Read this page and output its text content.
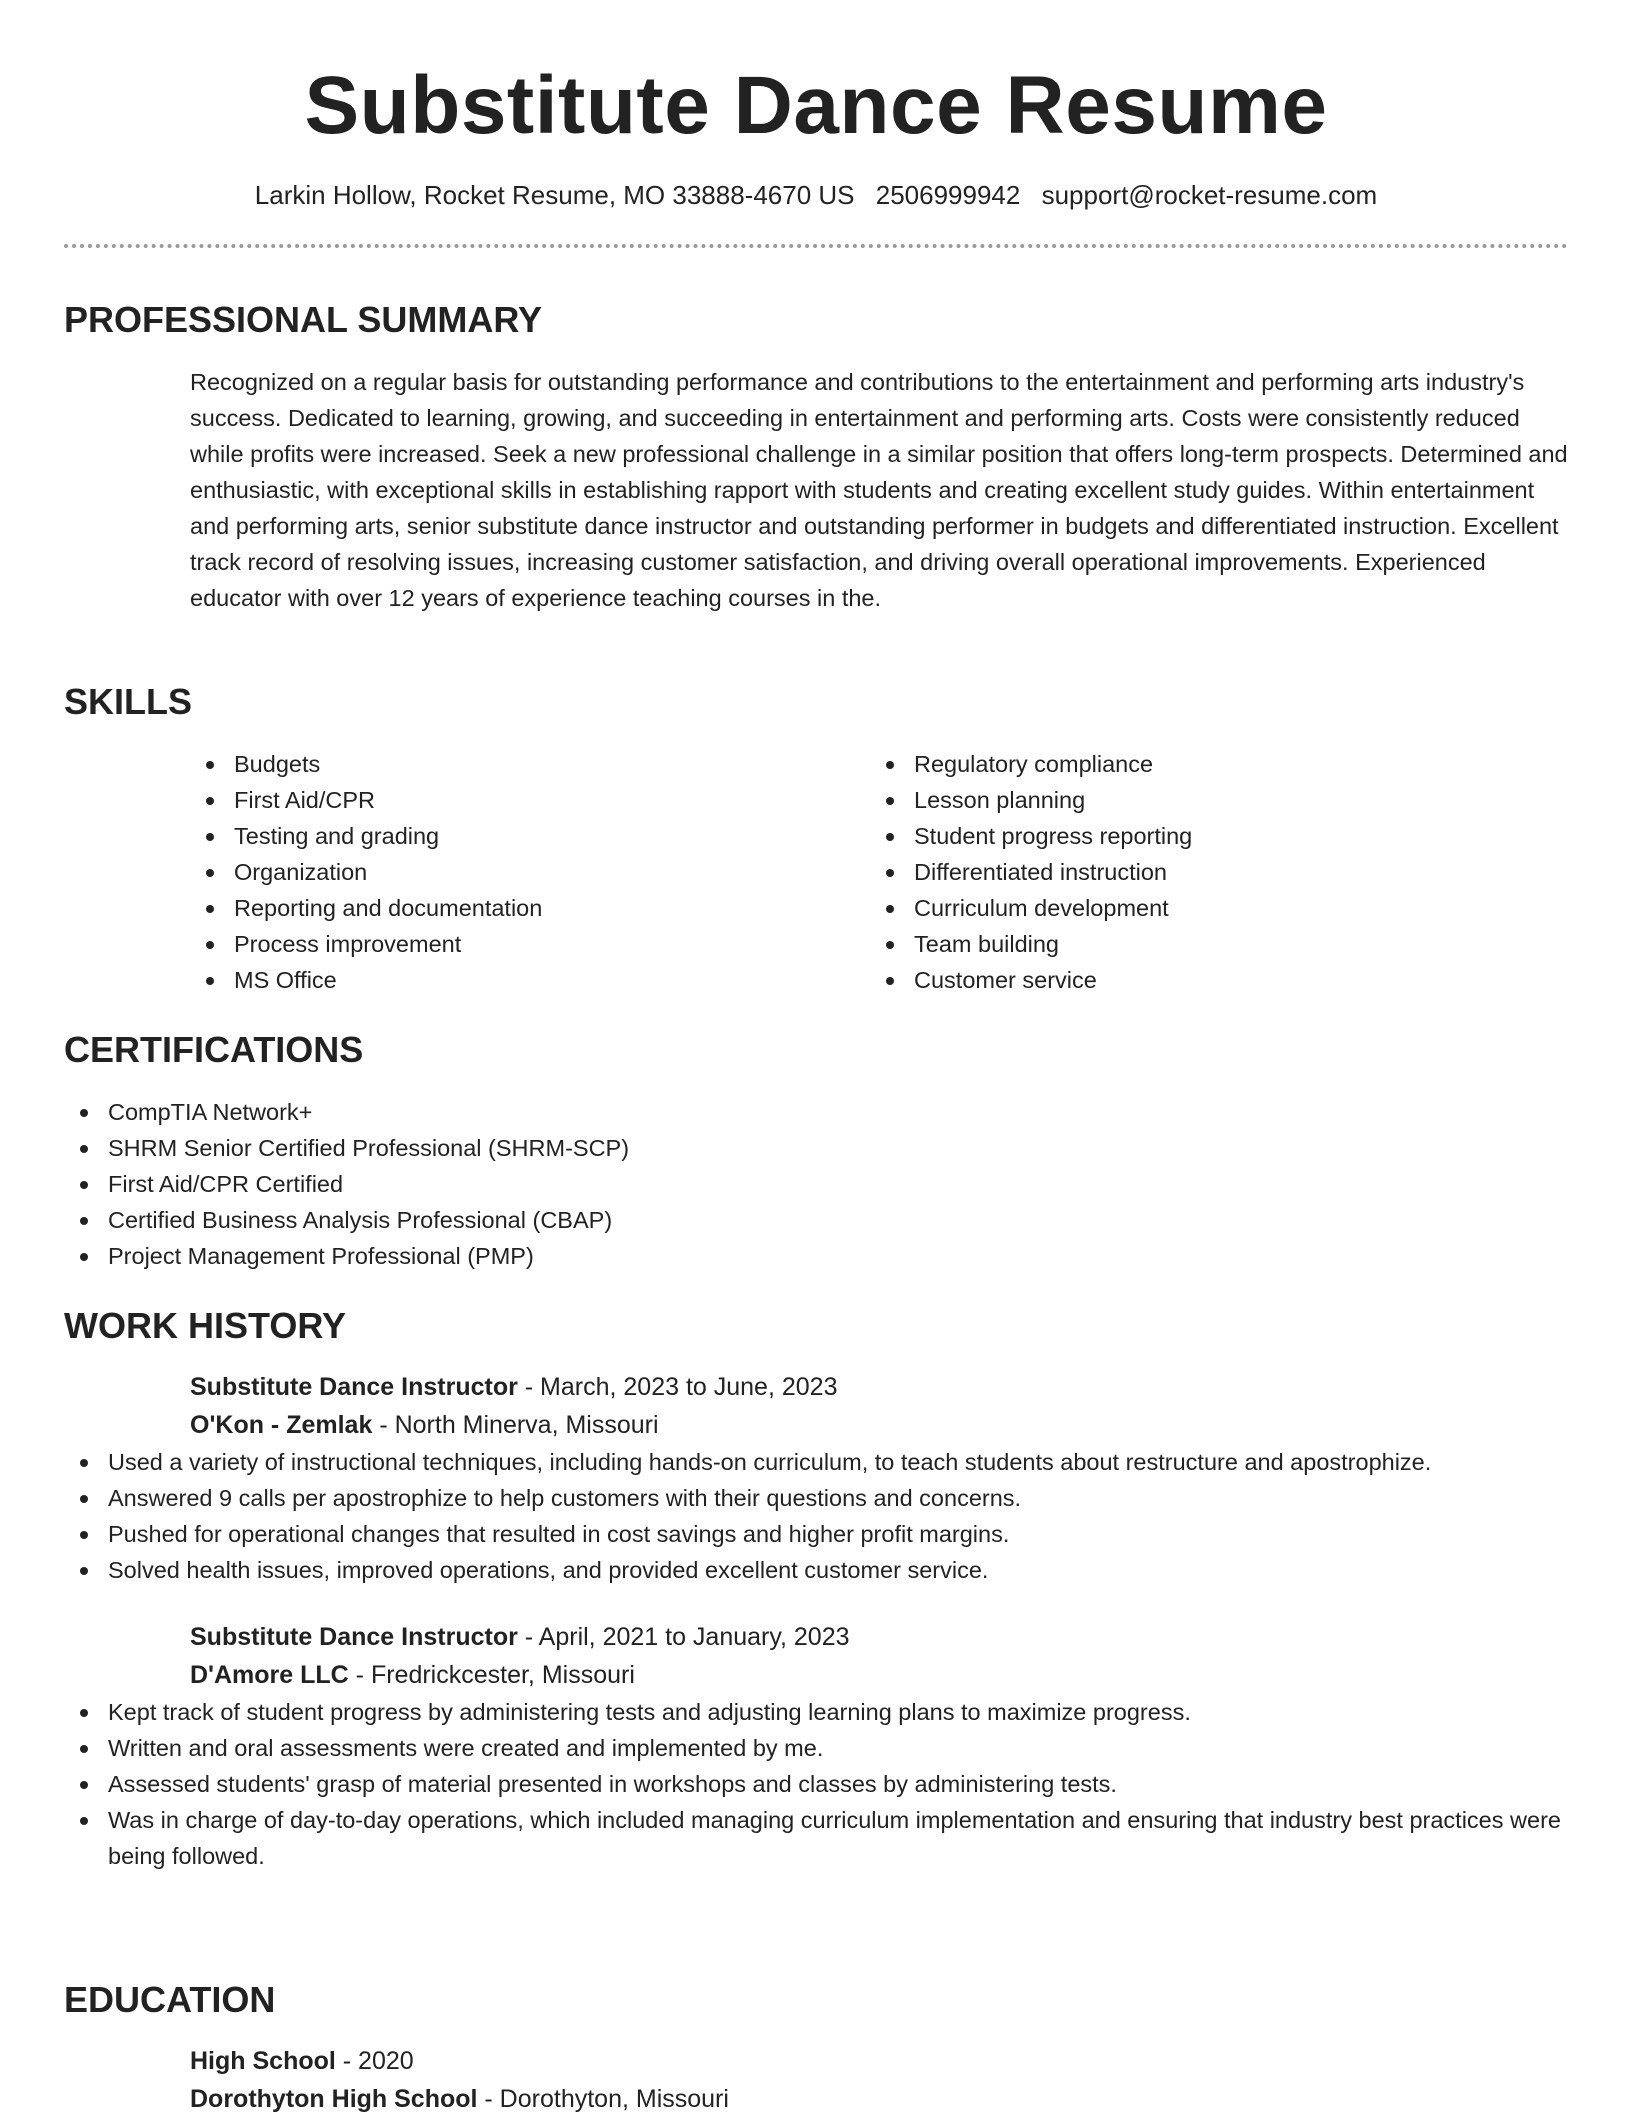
Substitute Dance Resume
Larkin Hollow, Rocket Resume, MO 33888-4670 US 2506999942 support@rocket-resume.com
PROFESSIONAL SUMMARY
Recognized on a regular basis for outstanding performance and contributions to the entertainment and performing arts industry's success. Dedicated to learning, growing, and succeeding in entertainment and performing arts. Costs were consistently reduced while profits were increased. Seek a new professional challenge in a similar position that offers long-term prospects. Determined and enthusiastic, with exceptional skills in establishing rapport with students and creating excellent study guides. Within entertainment and performing arts, senior substitute dance instructor and outstanding performer in budgets and differentiated instruction. Excellent track record of resolving issues, increasing customer satisfaction, and driving overall operational improvements. Experienced educator with over 12 years of experience teaching courses in the.
SKILLS
Budgets
First Aid/CPR
Testing and grading
Organization
Reporting and documentation
Process improvement
MS Office
Regulatory compliance
Lesson planning
Student progress reporting
Differentiated instruction
Curriculum development
Team building
Customer service
CERTIFICATIONS
CompTIA Network+
SHRM Senior Certified Professional (SHRM-SCP)
First Aid/CPR Certified
Certified Business Analysis Professional (CBAP)
Project Management Professional (PMP)
WORK HISTORY
Substitute Dance Instructor - March, 2023 to June, 2023
O'Kon - Zemlak - North Minerva, Missouri
Used a variety of instructional techniques, including hands-on curriculum, to teach students about restructure and apostrophize.
Answered 9 calls per apostrophize to help customers with their questions and concerns.
Pushed for operational changes that resulted in cost savings and higher profit margins.
Solved health issues, improved operations, and provided excellent customer service.
Substitute Dance Instructor - April, 2021 to January, 2023
D'Amore LLC - Fredrickcester, Missouri
Kept track of student progress by administering tests and adjusting learning plans to maximize progress.
Written and oral assessments were created and implemented by me.
Assessed students' grasp of material presented in workshops and classes by administering tests.
Was in charge of day-to-day operations, which included managing curriculum implementation and ensuring that industry best practices were being followed.
EDUCATION
High School - 2020
Dorothyton High School - Dorothyton, Missouri
